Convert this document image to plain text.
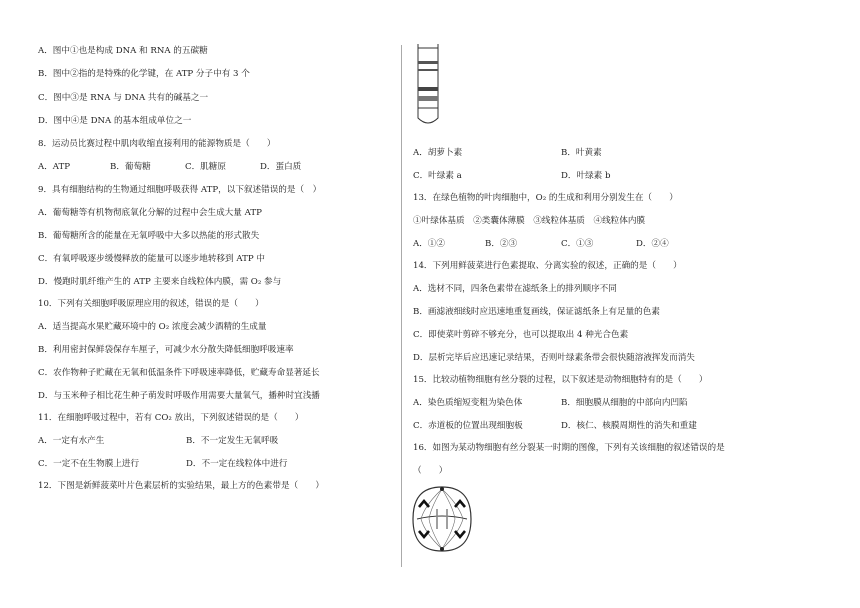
A．图中①也是构成 DNA 和 RNA 的五碳糖
B．图中②指的是特殊的化学键，在 ATP 分子中有 3 个
C．图中③是 RNA 与 DNA 共有的碱基之一
D．图中④是 DNA 的基本组成单位之一
8．运动员比赛过程中肌肉收缩直接利用的能源物质是（　　）
A．ATP	B．葡萄糖	C．肌糖原	D．蛋白质
9．具有细胞结构的生物通过细胞呼吸获得 ATP，以下叙述错误的是（　）
A．葡萄糖等有机物彻底氧化分解的过程中会生成大量 ATP
B．葡萄糖所含的能量在无氧呼吸中大多以热能的形式散失
C．有氧呼吸逐步缓慢释放的能量可以逐步地转移到 ATP 中
D．慢跑时肌纤维产生的 ATP 主要来自线粒体内膜，需 O₂ 参与
10．下列有关细胞呼吸原理应用的叙述，错误的是（　　）
A．适当提高水果贮藏环境中的 O₂ 浓度会减少酒精的生成量
B．利用密封保鲜袋保存车厘子，可减少水分散失降低细胞呼吸速率
C．农作物种子贮藏在无氧和低温条件下呼吸速率降低，贮藏寿命显著延长
D．与玉米种子相比花生种子萌发时呼吸作用需要大量氧气，播种时宜浅播
11．在细胞呼吸过程中，若有 CO₂ 放出，下列叙述错误的是（　　）
A．一定有水产生	B．不一定发生无氧呼吸
C．一定不在生物膜上进行	D．不一定在线粒体中进行
12．下图是新鲜菠菜叶片色素层析的实验结果，最上方的色素带是（　　）
A．胡萝卜素	B．叶黄素
C．叶绿素 a	D．叶绿素 b
13．在绿色植物的叶肉细胞中，O₂ 的生成和利用分别发生在（　　）
①叶绿体基质　②类囊体薄膜　③线粒体基质　④线粒体内膜
A．①②	B．②③	C．①③	D．②④
14．下列用鲜菠菜进行色素提取、分离实验的叙述，正确的是（　　）
A．选材不同，四条色素带在滤纸条上的排列顺序不同
B．画滤液细线时应迅速地重复画线，保证滤纸条上有足量的色素
C．即使菜叶剪碎不够充分，也可以提取出 4 种光合色素
D．层析完毕后应迅速记录结果，否则叶绿素条带会很快随溶液挥发而消失
15．比较动植物细胞有丝分裂的过程，以下叙述是动物细胞特有的是（　　）
A．染色质缩短变粗为染色体	B．细胞膜从细胞的中部向内凹陷
C．赤道板的位置出现细胞板	D．核仁、核膜周期性的消失和重建
16．如图为某动物细胞有丝分裂某一时期的图像，下列有关该细胞的叙述错误的是
（　　）
